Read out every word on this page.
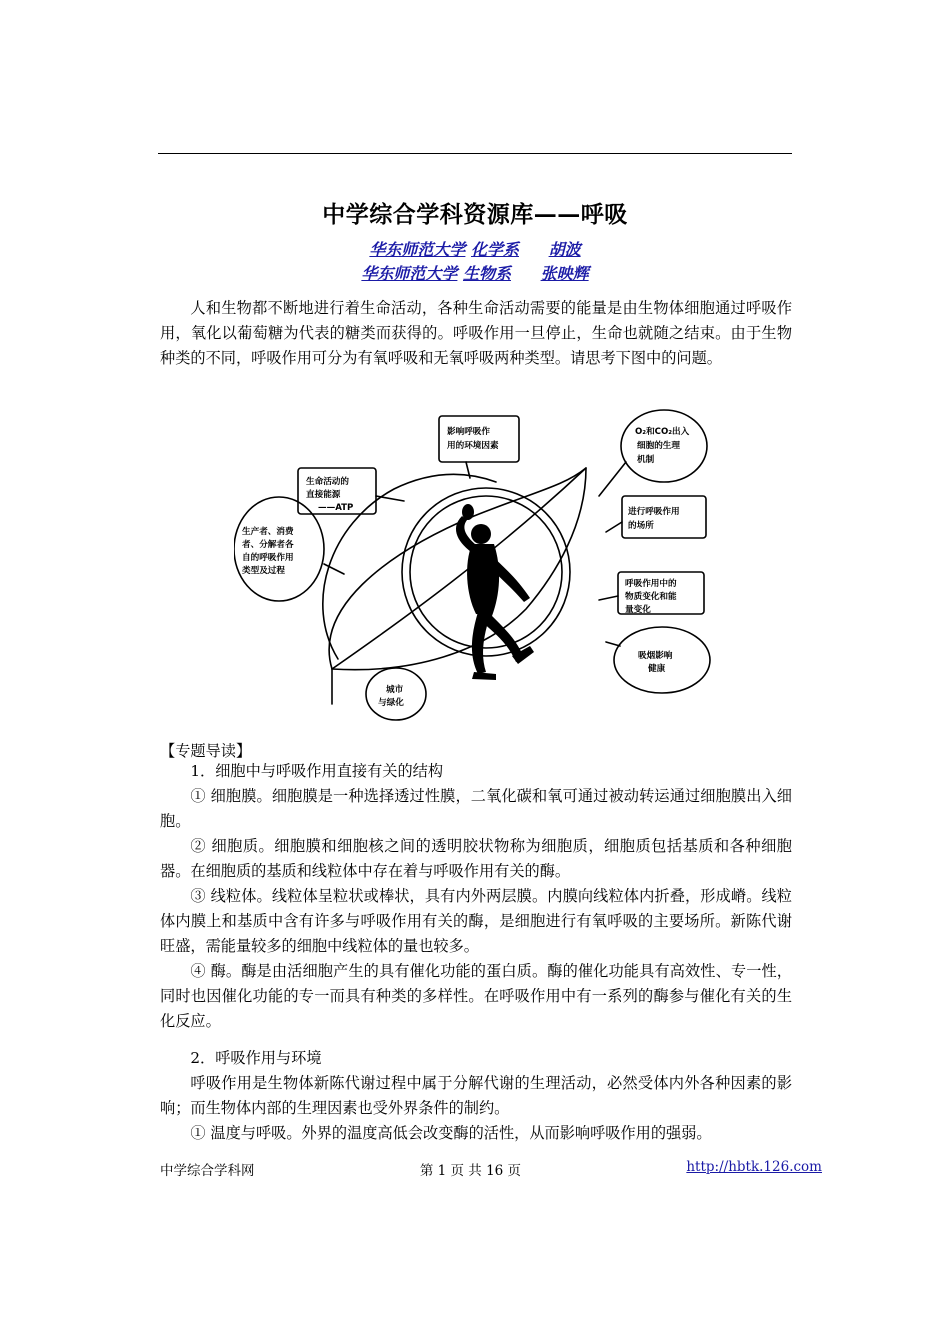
中学综合学科资源库——呼吸
华东师范大学 化学系 胡波
华东师范大学 生物系 张映辉

人和生物都不断地进行着生命活动，各种生命活动需要的能量是由生物体细胞通过呼吸作用，氧化以葡萄糖为代表的糖类而获得的。呼吸作用一旦停止，生命也就随之结束。由于生物种类的不同，呼吸作用可分为有氧呼吸和无氧呼吸两种类型。请思考下图中的问题。

影响呼吸作
用的环境因素
O₂和CO₂出入
细胞的生理
机制
生命活动的
直接能源
——ATP	进行呼吸作用
的场所
生产者、消费
者、分解者各
自的呼吸作用
类型及过程
呼吸作用中的
物质变化和能
量变化
吸烟影响
健康
城市
与绿化
【专题导读】

1．细胞中与呼吸作用直接有关的结构

① 细胞膜。细胞膜是一种选择透过性膜，二氧化碳和氧可通过被动转运通过细胞膜出入细胞。

② 细胞质。细胞膜和细胞核之间的透明胶状物称为细胞质，细胞质包括基质和各种细胞器。在细胞质的基质和线粒体中存在着与呼吸作用有关的酶。

③ 线粒体。线粒体呈粒状或棒状，具有内外两层膜。内膜向线粒体内折叠，形成嵴。线粒体内膜上和基质中含有许多与呼吸作用有关的酶，是细胞进行有氧呼吸的主要场所。新陈代谢旺盛，需能量较多的细胞中线粒体的量也较多。

④ 酶。酶是由活细胞产生的具有催化功能的蛋白质。酶的催化功能具有高效性、专一性，同时也因催化功能的专一而具有种类的多样性。在呼吸作用中有一系列的酶参与催化有关的生化反应。

2．呼吸作用与环境

呼吸作用是生物体新陈代谢过程中属于分解代谢的生理活动，必然受体内外各种因素的影响；而生物体内部的生理因素也受外界条件的制约。

① 温度与呼吸。外界的温度高低会改变酶的活性，从而影响呼吸作用的强弱。

中学综合学科网	第 1 页 共 16 页	http://hbtk.126.com
